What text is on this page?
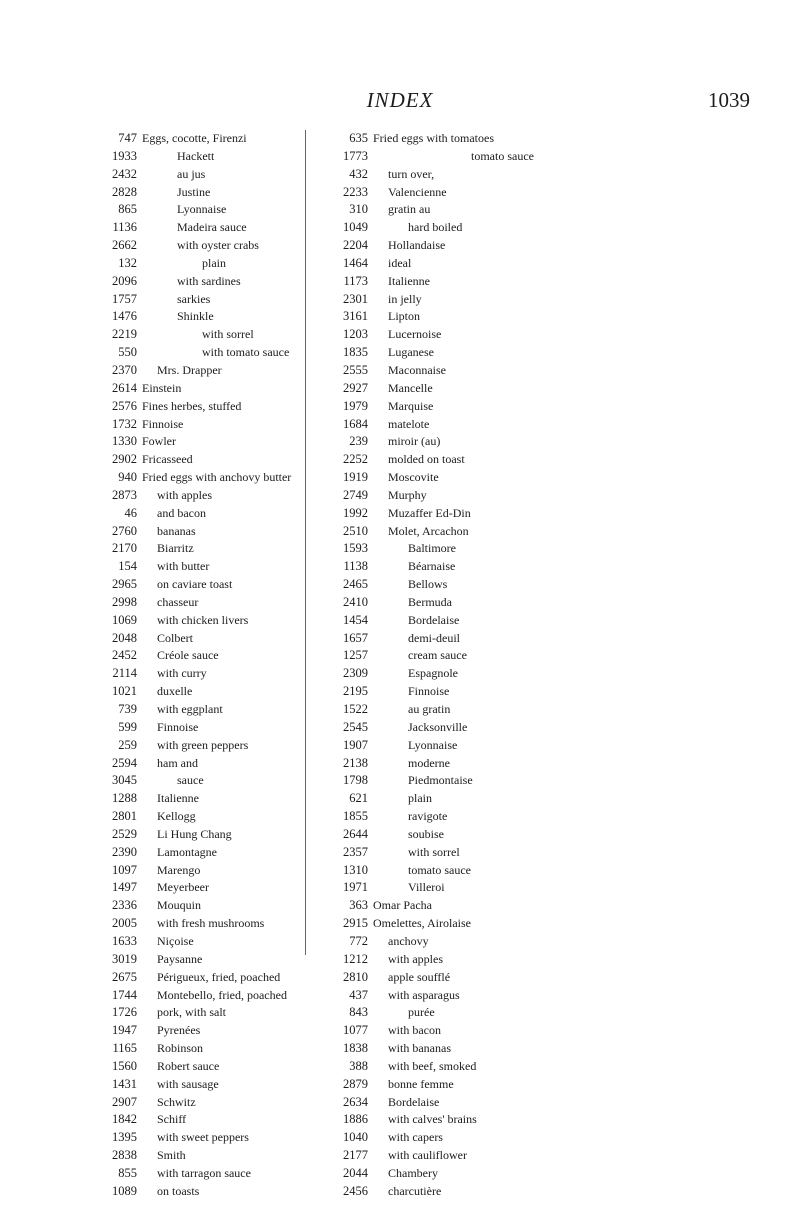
INDEX	1039
747 Eggs, cocotte, Firenzi
1933	Hackett
2432	au jus
2828	Justine
865	Lyonnaise
1136	Madeira sauce
2662	with oyster crabs
132	plain
2096	with sardines
1757	sarkies
1476	Shinkle
2219	with sorrel
550	with tomato sauce
2370 Mrs. Drapper
2614 Einstein
2576 Fines herbes, stuffed
1732 Finnoise
1330 Fowler
2902 Fricasseed
940 Fried eggs with anchovy butter
2873 with apples
46 and bacon
2760 bananas
2170 Biarritz
154 with butter
2965 on caviare toast
2998 chasseur
1069 with chicken livers
2048 Colbert
2452 Créole sauce
2114 with curry
1021 duxelle
739 with eggplant
599 Finnoise
259 with green peppers
2594 ham and
3045	sauce
1288 Italienne
2801 Kellogg
2529 Li Hung Chang
2390 Lamontagne
1097 Marengo
1497 Meyerbeer
2336 Mouquin
2005 with fresh mushrooms
1633 Niçoise
3019 Paysanne
2675 Périgueux, fried, poached
1744 Montebello, fried, poached
1726 pork, with salt
1947 Pyrenées
1165 Robinson
1560 Robert sauce
1431 with sausage
2907 Schwitz
1842 Schiff
1395 with sweet peppers
2838 Smith
855 with tarragon sauce
1089 on toasts
635 Fried eggs with tomatoes
1773	tomato sauce
432 turn over,
2233 Valencienne
310 gratin au
1049	hard boiled
2204 Hollandaise
1464 ideal
1173 Italienne
2301 in jelly
3161 Lipton
1203 Lucernoise
1835 Luganese
2555 Maconnaise
2927 Mancelle
1979 Marquise
1684 matelote
239 miroir (au)
2252 molded on toast
1919 Moscovite
2749 Murphy
1992 Muzaffer Ed-Din
2510 Molet, Arcachon
1593	Baltimore
1138	Béarnaise
2465	Bellows
2410	Bermuda
1454	Bordelaise
1657	demi-deuil
1257	cream sauce
2309	Espagnole
2195	Finnoise
1522	au gratin
2545	Jacksonville
1907	Lyonnaise
2138	moderne
1798	Piedmontaise
621	plain
1855	ravigote
2644	soubise
2357	with sorrel
1310	tomato sauce
1971	Villeroi
363 Omar Pacha
2915 Omelettes, Airolaise
772 anchovy
1212 with apples
2810 apple soufflé
437 with asparagus
843	purée
1077 with bacon
1838 with bananas
388 with beef, smoked
2879 bonne femme
2634 Bordelaise
1886 with calves' brains
1040 with capers
2177 with cauliflower
2044 Chambery
2456 charcutière
